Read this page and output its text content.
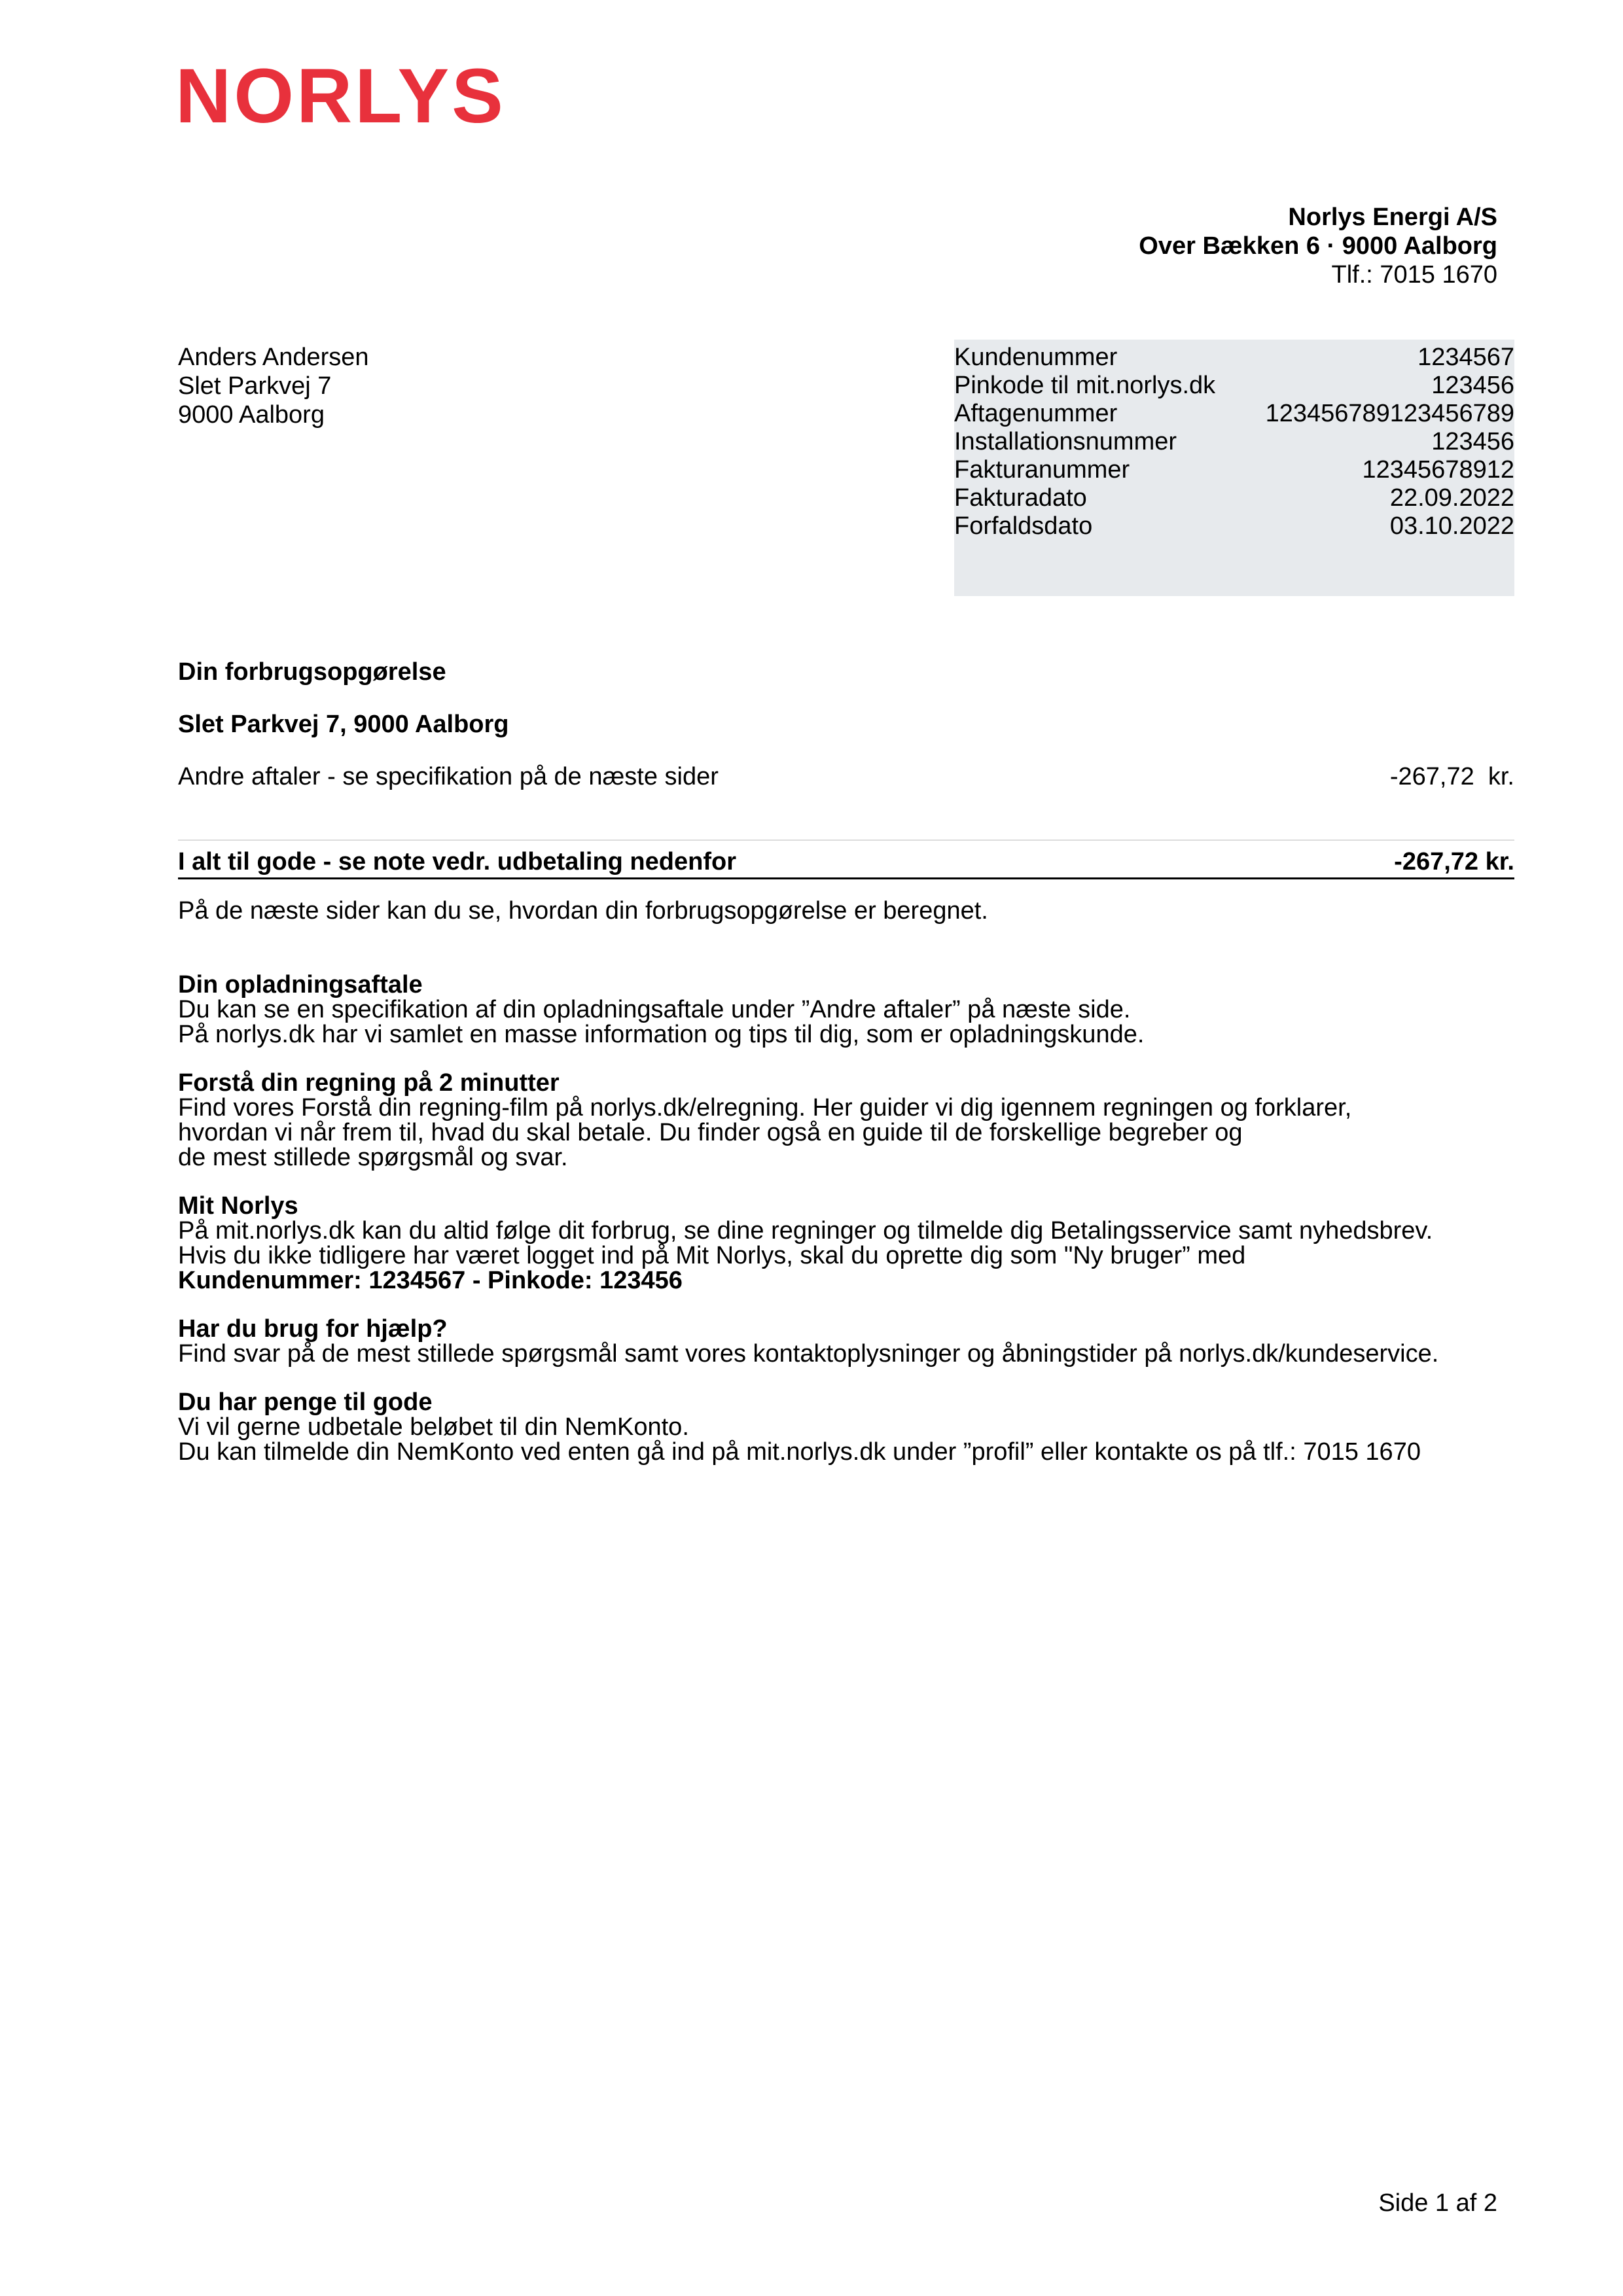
NORLYS
Norlys Energi A/S
Over Bækken 6 · 9000 Aalborg
Tlf.: 7015 1670
Anders Andersen
Slet Parkvej 7
9000 Aalborg
Kundenummer	1234567
Pinkode til mit.norlys.dk	123456
Aftagenummer	123456789123456789
Installationsnummer	123456
Fakturanummer	12345678912
Fakturadato	22.09.2022
Forfaldsdato	03.10.2022
Din forbrugsopgørelse
Slet Parkvej 7, 9000 Aalborg
Andre aftaler - se specifikation på de næste sider	-267,72  kr.
I alt til gode - se note vedr. udbetaling nedenfor	-267,72 kr.
På de næste sider kan du se, hvordan din forbrugsopgørelse er beregnet.
Din opladningsaftale
Du kan se en specifikation af din opladningsaftale under ”Andre aftaler” på næste side.
På norlys.dk har vi samlet en masse information og tips til dig, som er opladningskunde.
Forstå din regning på 2 minutter
Find vores Forstå din regning-film på norlys.dk/elregning. Her guider vi dig igennem regningen og forklarer,
hvordan vi når frem til, hvad du skal betale. Du finder også en guide til de forskellige begreber og
de mest stillede spørgsmål og svar.
Mit Norlys
På mit.norlys.dk kan du altid følge dit forbrug, se dine regninger og tilmelde dig Betalingsservice samt nyhedsbrev.
Hvis du ikke tidligere har været logget ind på Mit Norlys, skal du oprette dig som "Ny bruger” med
Kundenummer: 1234567 - Pinkode: 123456
Har du brug for hjælp?
Find svar på de mest stillede spørgsmål samt vores kontaktoplysninger og åbningstider på norlys.dk/kundeservice.
Du har penge til gode
Vi vil gerne udbetale beløbet til din NemKonto.
Du kan tilmelde din NemKonto ved enten gå ind på mit.norlys.dk under ”profil” eller kontakte os på tlf.: 7015 1670
Side 1 af 2
